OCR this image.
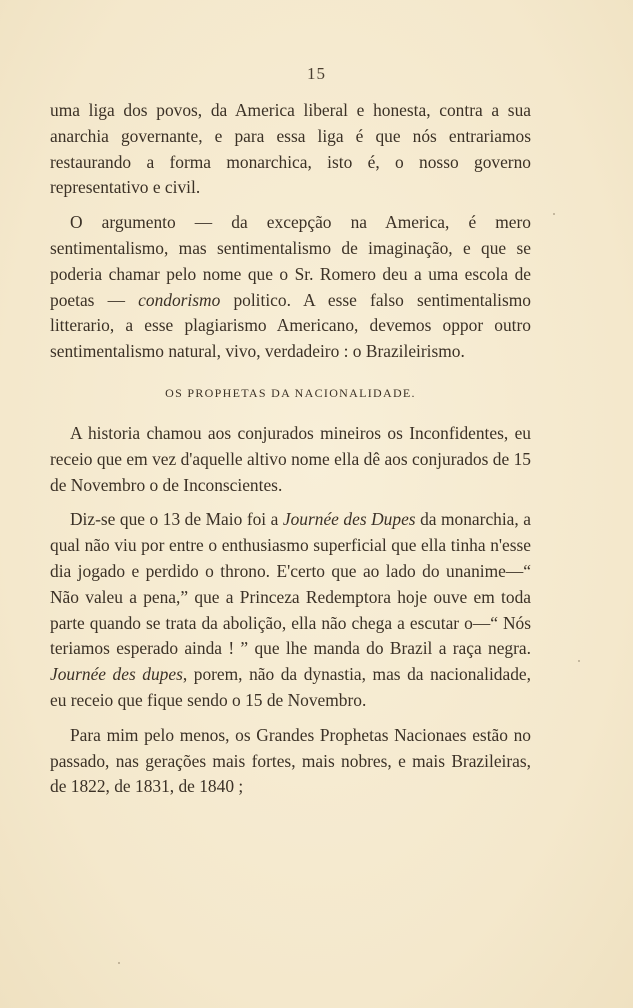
15

uma liga dos povos, da America liberal e honesta, contra a sua anarchia governante, e para essa liga é que nós entrariamos restaurando a forma monarchica, isto é, o nosso governo representativo e civil.

O argumento — da excepção na America, é mero sentimentalismo, mas sentimentalismo de imaginação, e que se poderia chamar pelo nome que o Sr. Romero deu a uma escola de poetas — condorismo politico. A esse falso sentimentalismo litterario, a esse plagiarismo Americano, devemos oppor outro sentimentalismo natural, vivo, verdadeiro : o Brazileirismo.

OS PROPHETAS DA NACIONALIDADE.

A historia chamou aos conjurados mineiros os Inconfidentes, eu receio que em vez d'aquelle altivo nome ella dê aos conjurados de 15 de Novembro o de Inconscientes.

Diz-se que o 13 de Maio foi a Journée des Dupes da monarchia, a qual não viu por entre o enthusiasmo superficial que ella tinha n'esse dia jogado e perdido o throno. E'certo que ao lado do unanime—“ Não valeu a pena,” que a Princeza Redemptora hoje ouve em toda parte quando se trata da abolição, ella não chega a escutar o—“ Nós teriamos esperado ainda ! ” que lhe manda do Brazil a raça negra. Journée des dupes, porem, não da dynastia, mas da nacionalidade, eu receio que fique sendo o 15 de Novembro.

Para mim pelo menos, os Grandes Prophetas Nacionaes estão no passado, nas gerações mais fortes, mais nobres, e mais Brazileiras, de 1822, de 1831, de 1840 ;
